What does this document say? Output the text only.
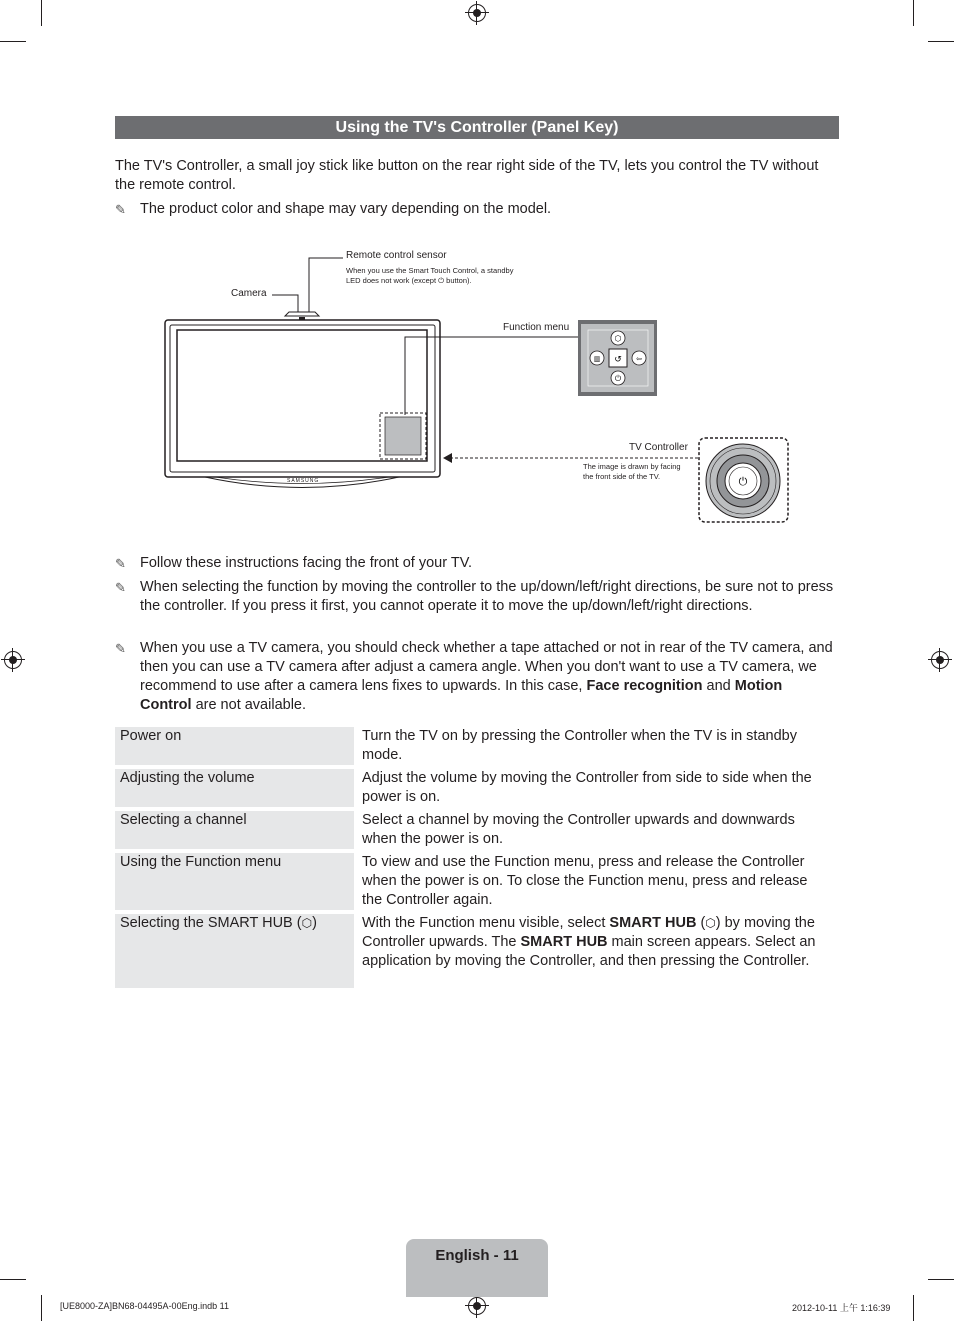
Using the TV's Controller (Panel Key)
The TV's Controller, a small joy stick like button on the rear right side of the TV, lets you control the TV without the remote control.
✎ The product color and shape may vary depending on the model.
⬡
⏻
▥	⇦
↺
⏻
SAMSUNG
Camera
Remote control sensor
When you use the Smart Touch Control, a standby
LED does not work (except ⏻ button).
Function menu
TV Controller
The image is drawn by facing
the front side of the TV.
✎ Follow these instructions facing the front of your TV.
✎ When selecting the function by moving the controller to the up/down/left/right directions, be sure not to press the controller. If you press it first, you cannot operate it to move the up/down/left/right directions.
✎ When you use a TV camera, you should check whether a tape attached or not in rear of the TV camera, and then you can use a TV camera after adjust a camera angle. When you don't want to use a TV camera, we recommend to use after a camera lens fixes to upwards. In this case, Face recognition and Motion Control are not available.
Power on	Turn the TV on by pressing the Controller when the TV is in standby mode.
Adjusting the volume	Adjust the volume by moving the Controller from side to side when the power is on.
Selecting a channel	Select a channel by moving the Controller upwards and downwards when the power is on.
Using the Function menu	To view and use the Function menu, press and release the Controller when the power is on. To close the Function menu, press and release the Controller again.
Selecting the SMART HUB (⬡)	With the Function menu visible, select SMART HUB (⬡) by moving the Controller upwards. The SMART HUB main screen appears. Select an application by moving the Controller, and then pressing the Controller.
English - 11
[UE8000-ZA]BN68-04495A-00Eng.indb 11	2012-10-11 上午 1:16:39
